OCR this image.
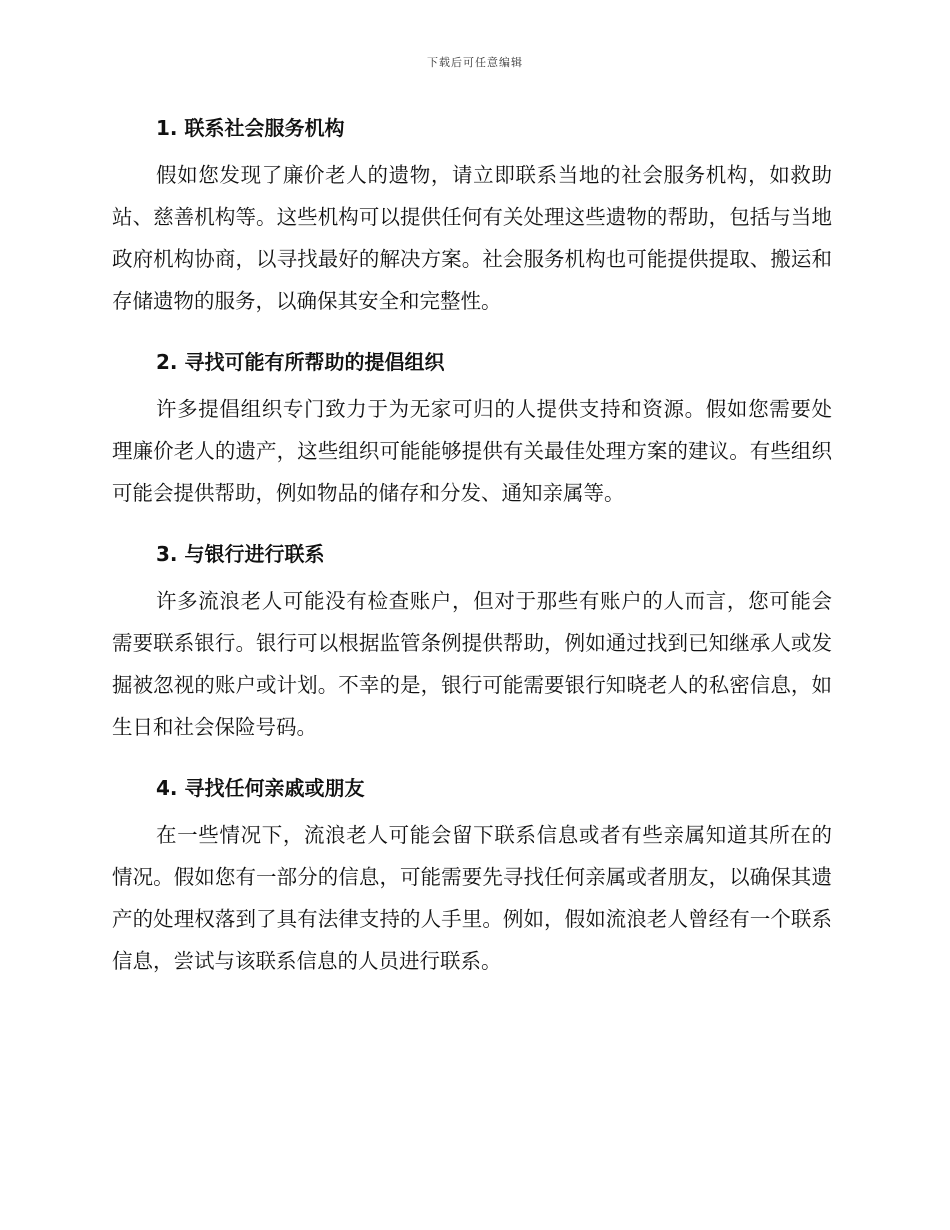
下载后可任意编辑
1. 联系社会服务机构

假如您发现了廉价老人的遗物，请立即联系当地的社会服务机构，如救助站、慈善机构等。这些机构可以提供任何有关处理这些遗物的帮助，包括与当地政府机构协商，以寻找最好的解决方案。社会服务机构也可能提供提取、搬运和存储遗物的服务，以确保其安全和完整性。

2. 寻找可能有所帮助的提倡组织

许多提倡组织专门致力于为无家可归的人提供支持和资源。假如您需要处理廉价老人的遗产，这些组织可能能够提供有关最佳处理方案的建议。有些组织可能会提供帮助，例如物品的储存和分发、通知亲属等。

3. 与银行进行联系

许多流浪老人可能没有检查账户，但对于那些有账户的人而言，您可能会需要联系银行。银行可以根据监管条例提供帮助，例如通过找到已知继承人或发掘被忽视的账户或计划。不幸的是，银行可能需要银行知晓老人的私密信息，如生日和社会保险号码。

4. 寻找任何亲戚或朋友

在一些情况下，流浪老人可能会留下联系信息或者有些亲属知道其所在的情况。假如您有一部分的信息，可能需要先寻找任何亲属或者朋友，以确保其遗产的处理权落到了具有法律支持的人手里。例如，假如流浪老人曾经有一个联系信息，尝试与该联系信息的人员进行联系。
